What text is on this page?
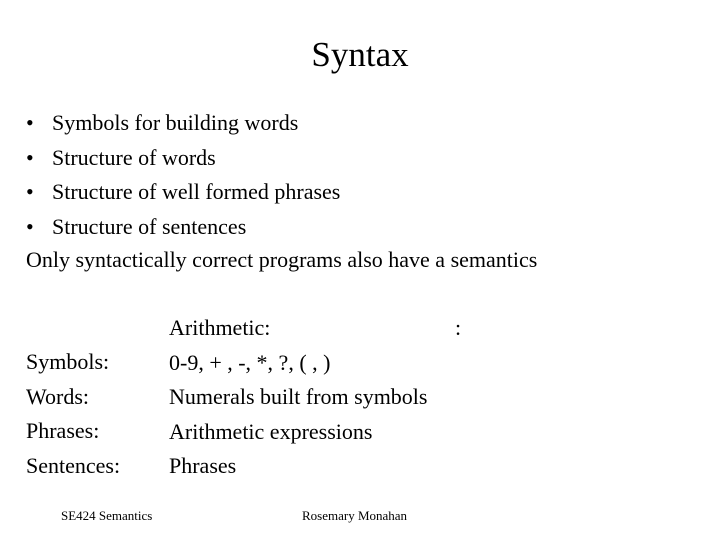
Syntax
• Symbols for building words
• Structure of words
• Structure of well formed phrases
• Structure of sentences
Only syntactically correct programs also have a semantics
Symbols:
Words:
Phrases:
Sentences:
Arithmetic:
0-9, + , -, *, ?, ( , )
Numerals built from symbols
Arithmetic expressions
Phrases
:
SE424 Semantics	Rosemary Monahan
